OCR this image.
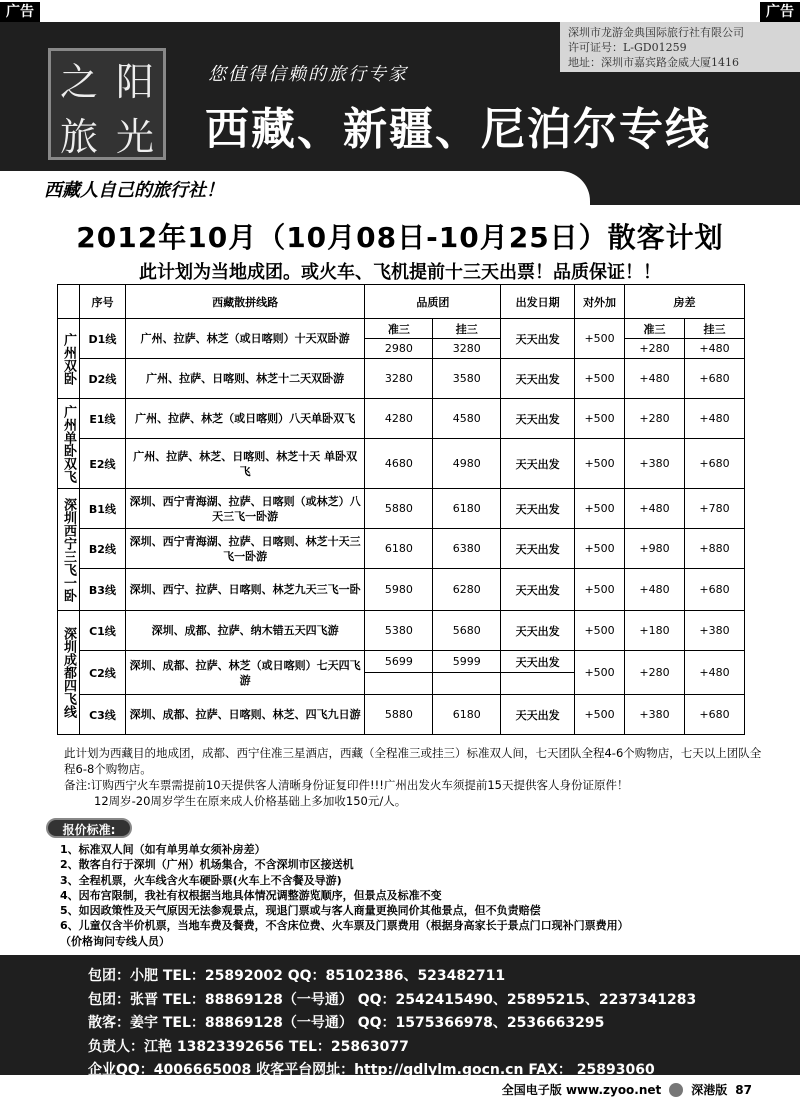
广告	广告
深圳市龙游金典国际旅行社有限公司
许可证号：L-GD01259
地址：深圳市嘉宾路金威大厦1416
之 阳
旅 光
您值得信赖的旅行专家
西藏、新疆、尼泊尔专线
西藏人自己的旅行社！
2012年10月（10月08日-10月25日）散客计划
此计划为当地成团。或火车、飞机提前十三天出票！品质保证！！
	序号	西藏散拼线路	品质团		出发日期	对外加	房差	
广州双卧	D1线	广州、拉萨、林芝（或日喀则）十天双卧游	准三	挂三	天天出发	+500	准三	挂三
			2980	3280			+280	+480
	D2线	广州、拉萨、日喀则、林芝十二天双卧游	3280	3580	天天出发	+500	+480	+680
广州单卧双飞	E1线	广州、拉萨、林芝（或日喀则）八天单卧双飞	4280	4580	天天出发	+500	+280	+480
	E2线	广州、拉萨、林芝、日喀则、林芝十天 单卧双飞	4680	4980	天天出发	+500	+380	+680
深圳西宁三飞一卧	B1线	深圳、西宁青海湖、拉萨、日喀则（或林芝）八天三飞一卧游	5880	6180	天天出发	+500	+480	+780
	B2线	深圳、西宁青海湖、拉萨、日喀则、林芝十天三飞一卧游	6180	6380	天天出发	+500	+980	+880
	B3线	深圳、西宁、拉萨、日喀则、林芝九天三飞一卧	5980	6280	天天出发	+500	+480	+680
深圳成都四飞线	C1线	深圳、成都、拉萨、纳木错五天四飞游	5380	5680	天天出发	+500	+180	+380
	C2线	深圳、成都、拉萨、林芝（或日喀则）七天四飞游	5699	5999	天天出发	+500	+280	+480

	C3线	深圳、成都、拉萨、日喀则、林芝、四飞九日游	5880	6180	天天出发	+500	+380	+680
此计划为西藏目的地成团，成都、西宁住准三星酒店，西藏（全程准三或挂三）标准双人间，七天团队全程4-6个购物店，七天以上团队全程6-8个购物店。
备注:订购西宁火车票需提前10天提供客人清晰身份证复印件!!!广州出发火车须提前15天提供客人身份证原件！
12周岁-20周岁学生在原来成人价格基础上多加收150元/人。
报价标准:
1、标准双人间（如有单男单女须补房差）
2、散客自行于深圳（广州）机场集合，不含深圳市区接送机
3、全程机票，火车线含火车硬卧票(火车上不含餐及导游)
4、因布宫限制，我社有权根据当地具体情况调整游览顺序，但景点及标准不变
5、如因政策性及天气原因无法参观景点，现退门票或与客人商量更换同价其他景点，但不负责赔偿
6、儿童仅含半价机票，当地车费及餐费，不含床位费、火车票及门票费用（根据身高家长于景点门口现补门票费用）
（价格询问专线人员）
包团：小肥 TEL：25892002 QQ：85102386、523482711
包团：张晋 TEL：88869128（一号通） QQ：2542415490、25895215、2237341283
散客：姜宇 TEL：88869128（一号通） QQ：1575366978、2536663295
负责人：江艳 13823392656 TEL：25863077
企业QQ：4006665008 收客平台网址：http://gdlylm.gocn.cn FAX： 25893060
全国电子版 www.zyoo.net	深港版 87
